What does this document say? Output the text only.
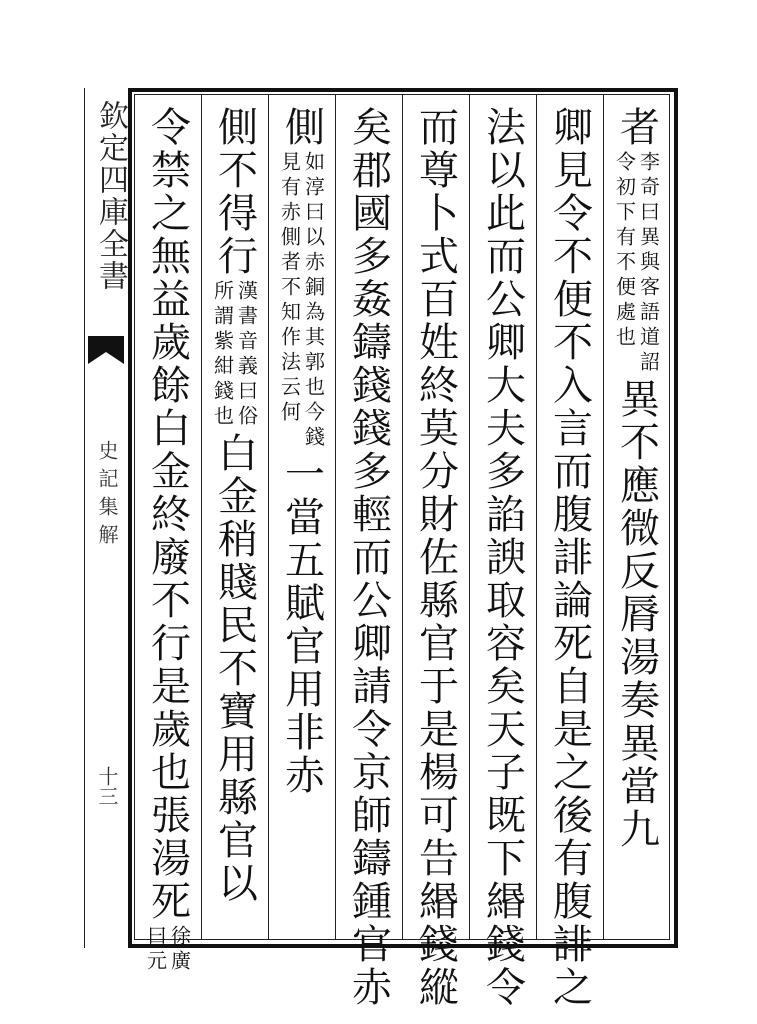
欽定四庫全書
史記集解
十三
者
李奇曰異與客語道詔
令初下有不便處也
異不應微反脣湯奏異當九
卿見令不便不入言而腹誹論死自是之後有腹誹之
法以此而公卿大夫多諂諛取容矣天子既下緡錢令
而尊卜式百姓終莫分財佐縣官于是楊可告緡錢縱
矣郡國多姦鑄錢錢多輕而公卿請令京師鑄鍾官赤
側
如淳曰以赤銅為其郭也今錢
見有赤側者不知作法云何
一當五賦官用非赤
側不得行
漢書音義曰俗
所謂紫紺錢也
白金稍賤民不寶用縣官以
令禁之無益歲餘白金終廢不行是歲也張湯死
徐廣
曰元
